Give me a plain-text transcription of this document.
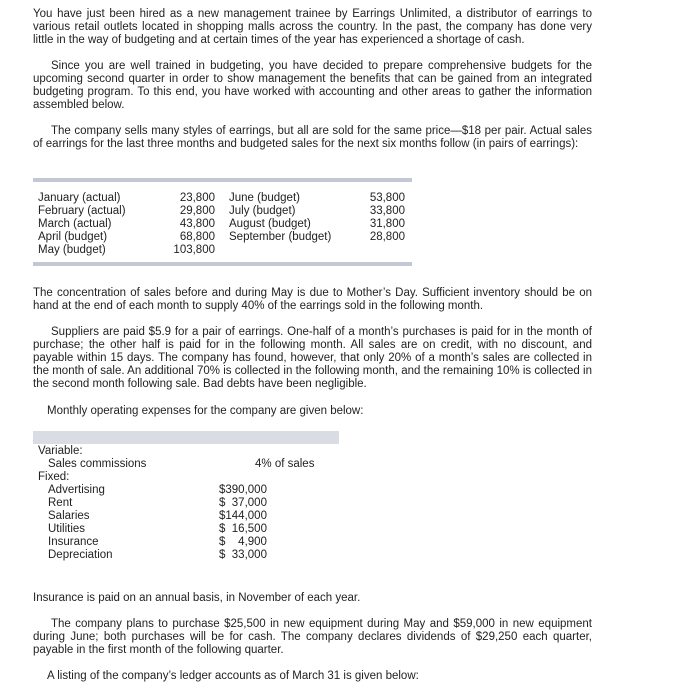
You have just been hired as a new management trainee by Earrings Unlimited, a distributor of earrings to various retail outlets located in shopping malls across the country. In the past, the company has done very little in the way of budgeting and at certain times of the year has experienced a shortage of cash.

Since you are well trained in budgeting, you have decided to prepare comprehensive budgets for the upcoming second quarter in order to show management the benefits that can be gained from an integrated budgeting program. To this end, you have worked with accounting and other areas to gather the information assembled below.

The company sells many styles of earrings, but all are sold for the same price—$18 per pair. Actual sales of earrings for the last three months and budgeted sales for the next six months follow (in pairs of earrings):

January (actual)	23,800
February (actual)	29,800
March (actual)	43,800
April (budget)	68,800
May (budget)	103,800
June (budget)	53,800
July (budget)	33,800
August (budget)	31,800
September (budget)	28,800

The concentration of sales before and during May is due to Mother’s Day. Sufficient inventory should be on hand at the end of each month to supply 40% of the earrings sold in the following month.

Suppliers are paid $5.9 for a pair of earrings. One-half of a month’s purchases is paid for in the month of purchase; the other half is paid for in the following month. All sales are on credit, with no discount, and payable within 15 days. The company has found, however, that only 20% of a month’s sales are collected in the month of sale. An additional 70% is collected in the following month, and the remaining 10% is collected in the second month following sale. Bad debts have been negligible.

Monthly operating expenses for the company are given below:

Variable:
Sales commissions	4% of sales
Fixed:
Advertising	$390,000
Rent	$  37,000
Salaries	$144,000
Utilities	$  16,500
Insurance	$    4,900
Depreciation	$  33,000

Insurance is paid on an annual basis, in November of each year.

The company plans to purchase $25,500 in new equipment during May and $59,000 in new equipment during June; both purchases will be for cash. The company declares dividends of $29,250 each quarter, payable in the first month of the following quarter.

A listing of the company’s ledger accounts as of March 31 is given below:
